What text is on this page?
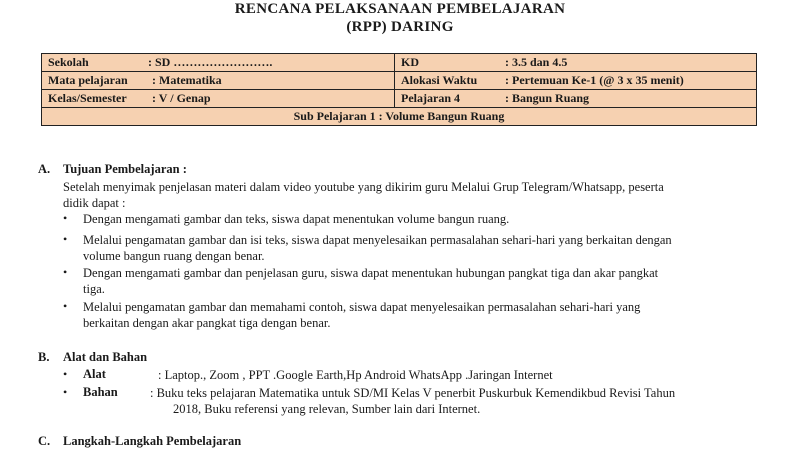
RENCANA PELAKSANAAN PEMBELAJARAN
(RPP) DARING
Sekolah : SD …………………….	KD : 3.5 dan 4.5
Mata pelajaran : Matematika	Alokasi Waktu : Pertemuan Ke-1 (@ 3 x 35 menit)
Kelas/Semester : V / Genap	Pelajaran 4 : Bangun Ruang
Sub Pelajaran 1 : Volume Bangun Ruang	
A. Tujuan Pembelajaran :
Setelah menyimak penjelasan materi dalam video youtube yang dikirim guru Melalui Grup Telegram/Whatsapp, peserta
didik dapat :
• Dengan mengamati gambar dan teks, siswa dapat menentukan volume bangun ruang.
• Melalui pengamatan gambar dan isi teks, siswa dapat menyelesaikan permasalahan sehari-hari yang berkaitan dengan
volume bangun ruang dengan benar.
• Dengan mengamati gambar dan penjelasan guru, siswa dapat menentukan hubungan pangkat tiga dan akar pangkat
tiga.
• Melalui pengamatan gambar dan memahami contoh, siswa dapat menyelesaikan permasalahan sehari-hari yang
berkaitan dengan akar pangkat tiga dengan benar.
B. Alat dan Bahan
• Alat	: Laptop., Zoom , PPT .Google Earth,Hp Android WhatsApp .Jaringan Internet
• Bahan	: Buku teks pelajaran Matematika untuk SD/MI Kelas V penerbit Puskurbuk Kemendikbud Revisi Tahun
2018, Buku referensi yang relevan, Sumber lain dari Internet.
C. Langkah-Langkah Pembelajaran
